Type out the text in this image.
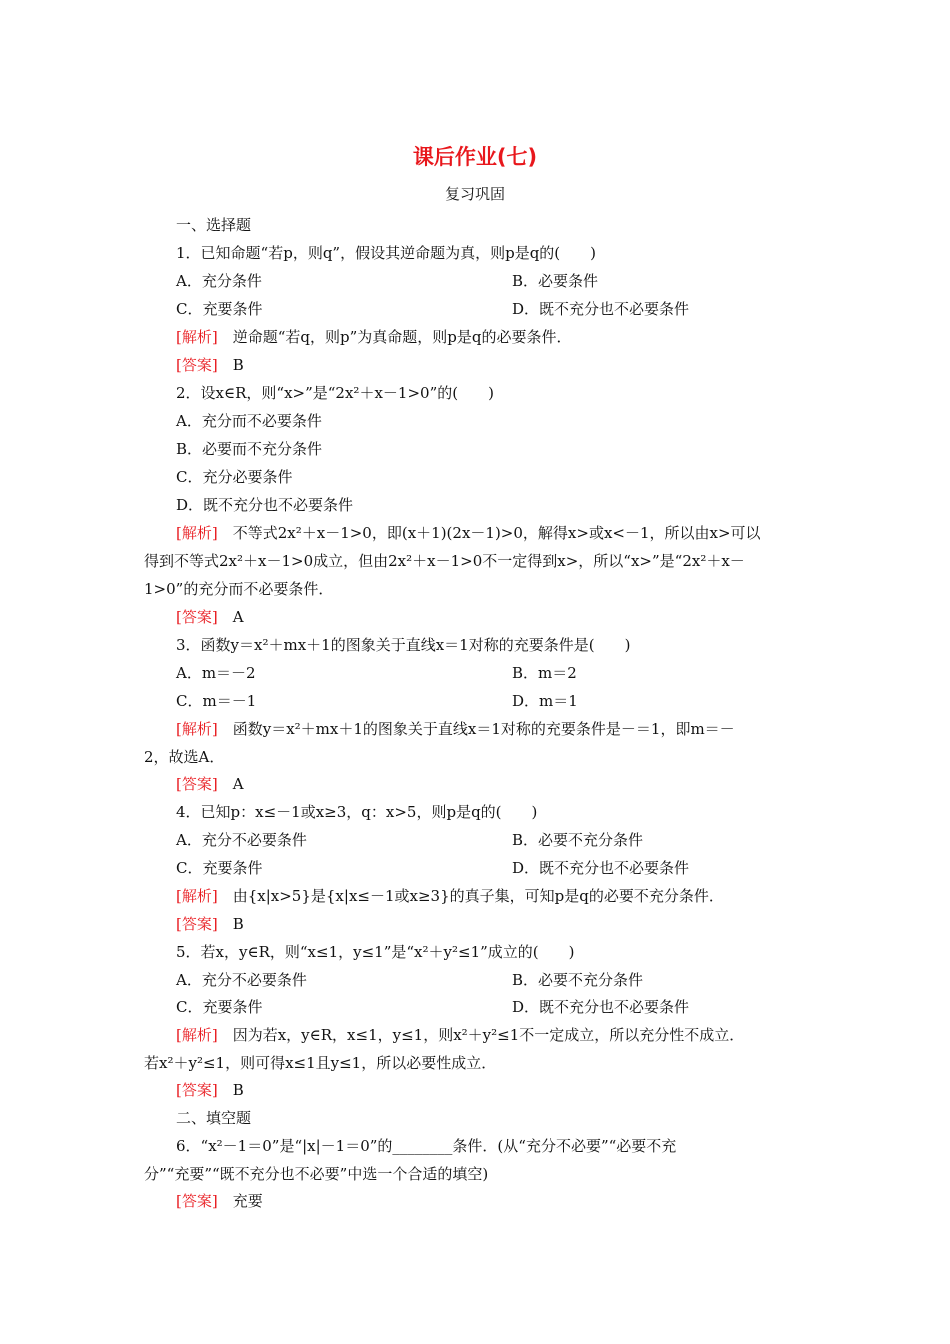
课后作业(七)
复习巩固
一、选择题
1．已知命题“若p，则q”，假设其逆命题为真，则p是q的(　　)
A．充分条件	B．必要条件
C．充要条件	D．既不充分也不必要条件
[解析]　逆命题“若q，则p”为真命题，则p是q的必要条件．
[答案]　B
2．设x∈R，则“x>”是“2x²＋x－1>0”的(　　)
A．充分而不必要条件
B．必要而不充分条件
C．充分必要条件
D．既不充分也不必要条件
[解析]　不等式2x²＋x－1>0，即(x＋1)(2x－1)>0，解得x>或x<－1，所以由x>可以
得到不等式2x²＋x－1>0成立，但由2x²＋x－1>0不一定得到x>，所以“x>”是“2x²＋x－
1>0”的充分而不必要条件．
[答案]　A
3．函数y＝x²＋mx＋1的图象关于直线x＝1对称的充要条件是(　　)
A．m＝－2	B．m＝2
C．m＝－1	D．m＝1
[解析]　函数y＝x²＋mx＋1的图象关于直线x＝1对称的充要条件是－＝1，即m＝－
2，故选A．
[答案]　A
4．已知p：x≤－1或x≥3，q：x>5，则p是q的(　　)
A．充分不必要条件	B．必要不充分条件
C．充要条件	D．既不充分也不必要条件
[解析]　由{x|x>5}是{x|x≤－1或x≥3}的真子集，可知p是q的必要不充分条件．
[答案]　B
5．若x，y∈R，则“x≤1，y≤1”是“x²＋y²≤1”成立的(　　)
A．充分不必要条件	B．必要不充分条件
C．充要条件	D．既不充分也不必要条件
[解析]　因为若x，y∈R，x≤1，y≤1，则x²＋y²≤1不一定成立，所以充分性不成立．
若x²＋y²≤1，则可得x≤1且y≤1，所以必要性成立．
[答案]　B
二、填空题
6．“x²－1＝0”是“|x|－1＝0”的________条件．(从“充分不必要”“必要不充
分”“充要”“既不充分也不必要”中选一个合适的填空)
[答案]　充要
